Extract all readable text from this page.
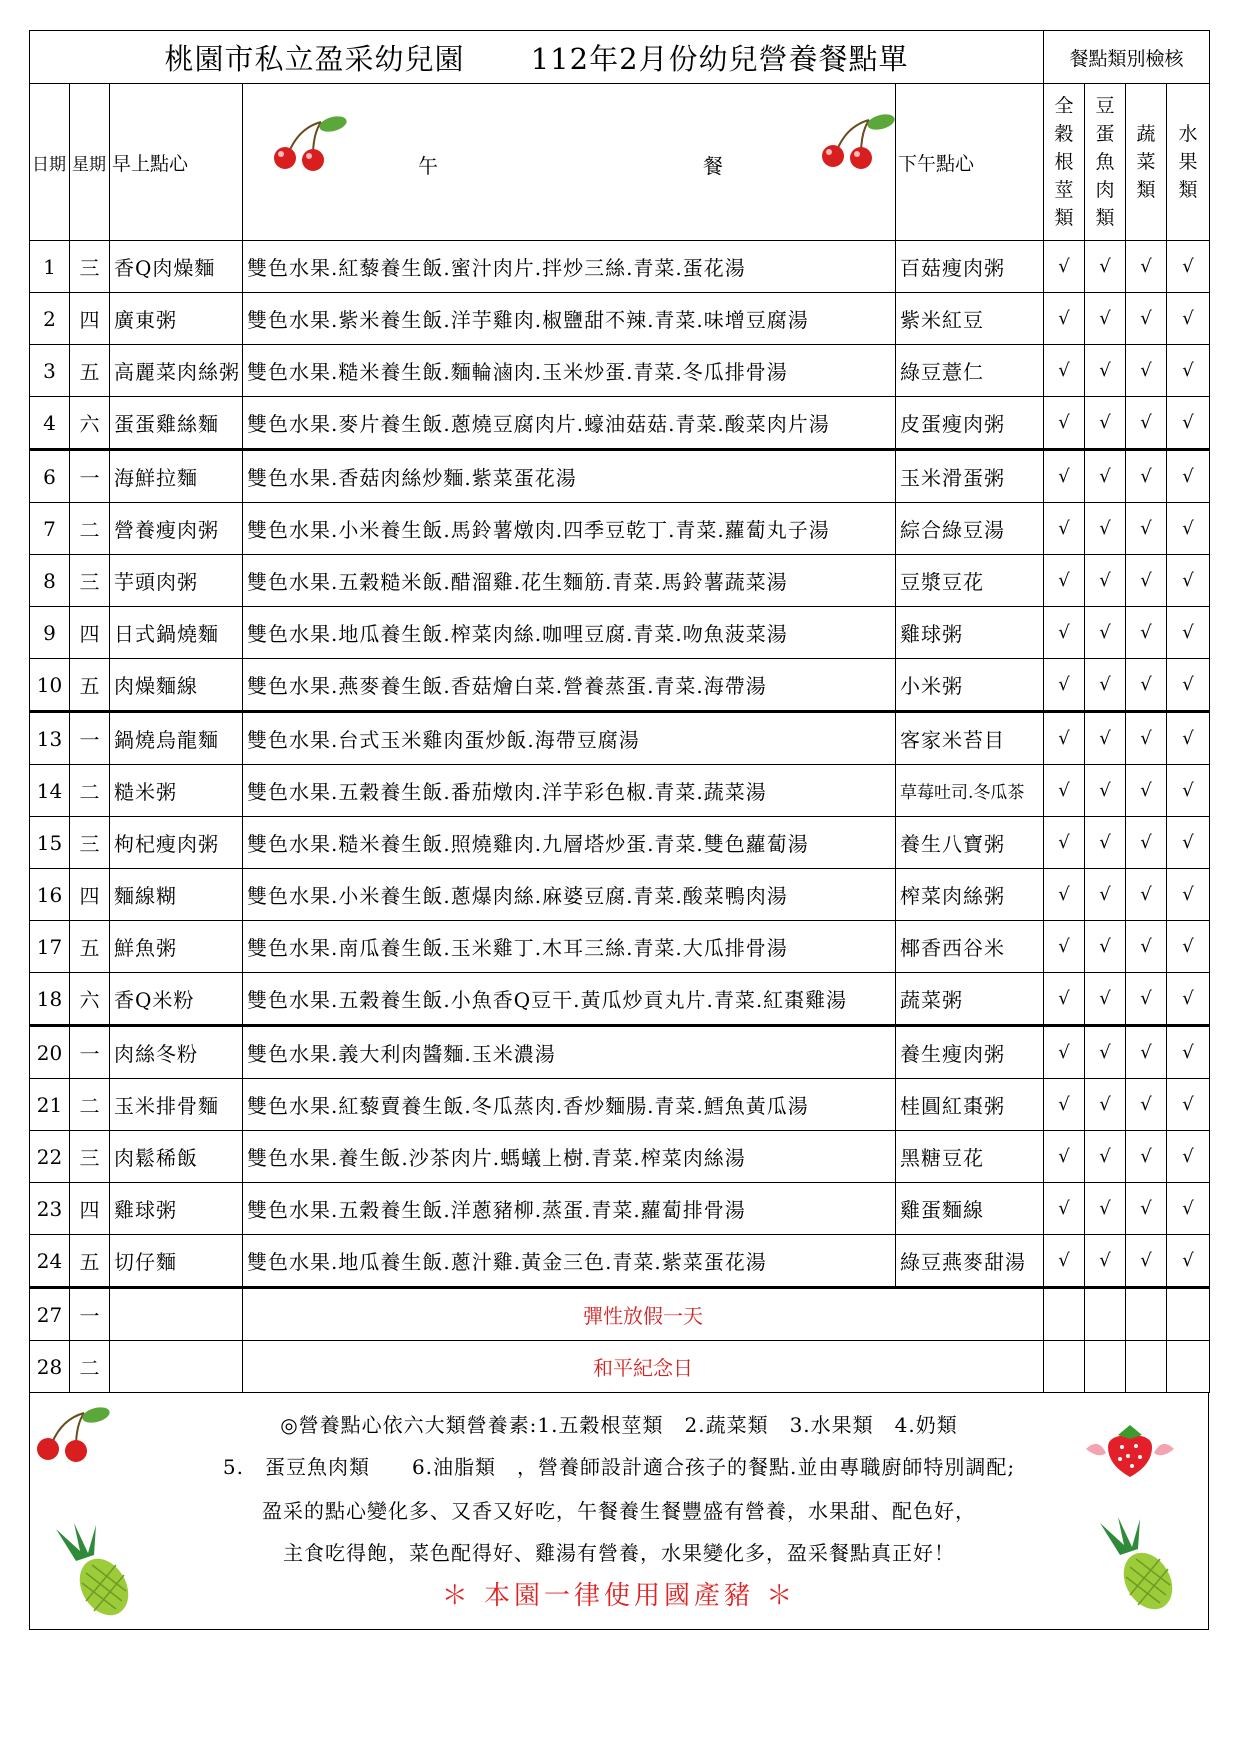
桃園市私立盈采幼兒園 112年2月份幼兒營養餐點單					餐點類別檢核			
日期	星期	早上點心	午 餐	下午點心	全
穀
根
莖
類	豆
蛋
魚
肉
類	蔬
菜
類	水
果
類

1	三	香Q肉燥麵	雙色水果.紅藜養生飯.蜜汁肉片.拌炒三絲.青菜.蛋花湯	百菇瘦肉粥	√	√	√	√
2	四	廣東粥	雙色水果.紫米養生飯.洋芋雞肉.椒鹽甜不辣.青菜.味增豆腐湯	紫米紅豆	√	√	√	√
3	五	高麗菜肉絲粥	雙色水果.糙米養生飯.麵輪滷肉.玉米炒蛋.青菜.冬瓜排骨湯	綠豆薏仁	√	√	√	√
4	六	蛋蛋雞絲麵	雙色水果.麥片養生飯.蔥燒豆腐肉片.蠔油菇菇.青菜.酸菜肉片湯	皮蛋瘦肉粥	√	√	√	√
6	一	海鮮拉麵	雙色水果.香菇肉絲炒麵.紫菜蛋花湯	玉米滑蛋粥	√	√	√	√
7	二	營養瘦肉粥	雙色水果.小米養生飯.馬鈴薯燉肉.四季豆乾丁.青菜.蘿蔔丸子湯	綜合綠豆湯	√	√	√	√
8	三	芋頭肉粥	雙色水果.五穀糙米飯.醋溜雞.花生麵筋.青菜.馬鈴薯蔬菜湯	豆漿豆花	√	√	√	√
9	四	日式鍋燒麵	雙色水果.地瓜養生飯.榨菜肉絲.咖哩豆腐.青菜.吻魚菠菜湯	雞球粥	√	√	√	√
10	五	肉燥麵線	雙色水果.燕麥養生飯.香菇燴白菜.營養蒸蛋.青菜.海帶湯	小米粥	√	√	√	√
13	一	鍋燒烏龍麵	雙色水果.台式玉米雞肉蛋炒飯.海帶豆腐湯	客家米苔目	√	√	√	√
14	二	糙米粥	雙色水果.五穀養生飯.番茄燉肉.洋芋彩色椒.青菜.蔬菜湯	草莓吐司.冬瓜茶	√	√	√	√
15	三	枸杞瘦肉粥	雙色水果.糙米養生飯.照燒雞肉.九層塔炒蛋.青菜.雙色蘿蔔湯	養生八寶粥	√	√	√	√
16	四	麵線糊	雙色水果.小米養生飯.蔥爆肉絲.麻婆豆腐.青菜.酸菜鴨肉湯	榨菜肉絲粥	√	√	√	√
17	五	鮮魚粥	雙色水果.南瓜養生飯.玉米雞丁.木耳三絲.青菜.大瓜排骨湯	椰香西谷米	√	√	√	√
18	六	香Q米粉	雙色水果.五穀養生飯.小魚香Q豆干.黃瓜炒貢丸片.青菜.紅棗雞湯	蔬菜粥	√	√	√	√
20	一	肉絲冬粉	雙色水果.義大利肉醬麵.玉米濃湯	養生瘦肉粥	√	√	√	√
21	二	玉米排骨麵	雙色水果.紅藜賣養生飯.冬瓜蒸肉.香炒麵腸.青菜.鱈魚黃瓜湯	桂圓紅棗粥	√	√	√	√
22	三	肉鬆稀飯	雙色水果.養生飯.沙茶肉片.螞蟻上樹.青菜.榨菜肉絲湯	黑糖豆花	√	√	√	√
23	四	雞球粥	雙色水果.五穀養生飯.洋蔥豬柳.蒸蛋.青菜.蘿蔔排骨湯	雞蛋麵線	√	√	√	√
24	五	切仔麵	雙色水果.地瓜養生飯.蔥汁雞.黃金三色.青菜.紫菜蛋花湯	綠豆燕麥甜湯	√	√	√	√
27	一		彈性放假一天					
28	二		和平紀念日					
◎營養點心依六大類營養素:1.五穀根莖類　2.蔬菜類　3.水果類　4.奶類
5.　蛋豆魚肉類　　6.油脂類　，營養師設計適合孩子的餐點.並由專職廚師特別調配;
盈采的點心變化多、又香又好吃，午餐養生餐豐盛有營養，水果甜、配色好，
主食吃得飽，菜色配得好、雞湯有營養，水果變化多，盈采餐點真正好！
＊ 本園一律使用國產豬 ＊
